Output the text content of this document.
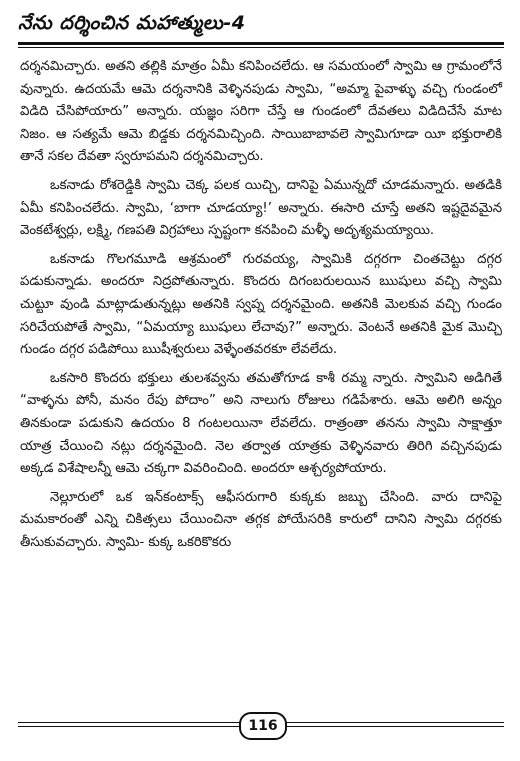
నేను దర్శించిన మహాత్ములు-4

దర్శనమిచ్చారు. అతని తల్లికి మాత్రం ఏమీ కనిపించలేదు. ఆ సమయంలో స్వామి ఆ గ్రామంలోనే వున్నారు. ఉదయమే ఆమె దర్శనానికి వెళ్ళినపుడు స్వామి, “అమ్మా పైవాళ్ళు వచ్చి గుండంలో విడిది చేసిపోయారు” అన్నారు. యజ్ఞం సరిగా చేస్తే ఆ గుండంలో దేవతలు విడిదిచేసే మాట నిజం. ఆ సత్యమే ఆమె బిడ్డకు దర్శనమిచ్చింది. సాయిబాబావలె స్వామిగూడా యీ భక్తురాలికి తానే సకల దేవతా స్వరూపమని దర్శనమిచ్చారు.

ఒకనాడు రోశరెడ్డికి స్వామి చెక్క పలక యిచ్చి, దానిపై ఏమున్నదో చూడమన్నారు. అతడికి ఏమీ కనిపించలేదు. స్వామి, ‘బాగా చూడయ్యా!’ అన్నారు. ఈసారి చూస్తే అతని ఇష్టదైవమైన వెంకటేశ్వర్లు, లక్ష్మి, గణపతి విగ్రహాలు స్పష్టంగా కనపించి మళ్ళీ అదృశ్యమయ్యాయి.

ఒకనాడు గొలగమూడి ఆశ్రమంలో గురవయ్య, స్వామికి దగ్గరగా చింతచెట్టు దగ్గర పడుకున్నాడు. అందరూ నిద్రపోతున్నారు. కొందరు దిగంబరులయిన ఋషులు వచ్చి స్వామి చుట్టూ వుండి మాట్లాడుతున్నట్లు అతనికి స్వప్న దర్శనమైంది. అతనికి మెలకువ వచ్చి గుండం సరిచేయపోతే స్వామి, “ఏమయ్యా ఋషులు లేచావు?” అన్నారు. వెంటనే అతనికి మైక మొచ్చి గుండం దగ్గర పడిపోయి ఋషీశ్వరులు వెళ్ళేంతవరకూ లేవలేదు.

ఒకసారి కొందరు భక్తులు తులశవ్వను తమతోగూడ కాశీ రమ్మ న్నారు. స్వామిని అడిగితే “వాళ్ళను పోనీ, మనం రేపు పోదాం” అని నాలుగు రోజులు గడిపేశారు. ఆమె అలిగి అన్నం తినకుండా పడుకుని ఉదయం 8 గంటలయినా లేవలేదు. రాత్రంతా తనను స్వామి సాక్షాత్తూ యాత్ర చేయించి నట్లు దర్శనమైంది. నెల తర్వాత యాత్రకు వెళ్ళినవారు తిరిగి వచ్చినపుడు అక్కడ విశేషాలన్నీ ఆమె చక్కగా వివరించింది. అందరూ ఆశ్చర్యపోయారు.

నెల్లూరులో ఒక ఇన్‌కంటాక్స్ ఆఫీసరుగారి కుక్కకు జబ్బు చేసింది. వారు దానిపై మమకారంతో ఎన్ని చికిత్సలు చేయించినా తగ్గక పోయేసరికి కారులో దానిని స్వామి దగ్గరకు తీసుకువచ్చారు. స్వామి- కుక్క ఒకరికొకరు

116
